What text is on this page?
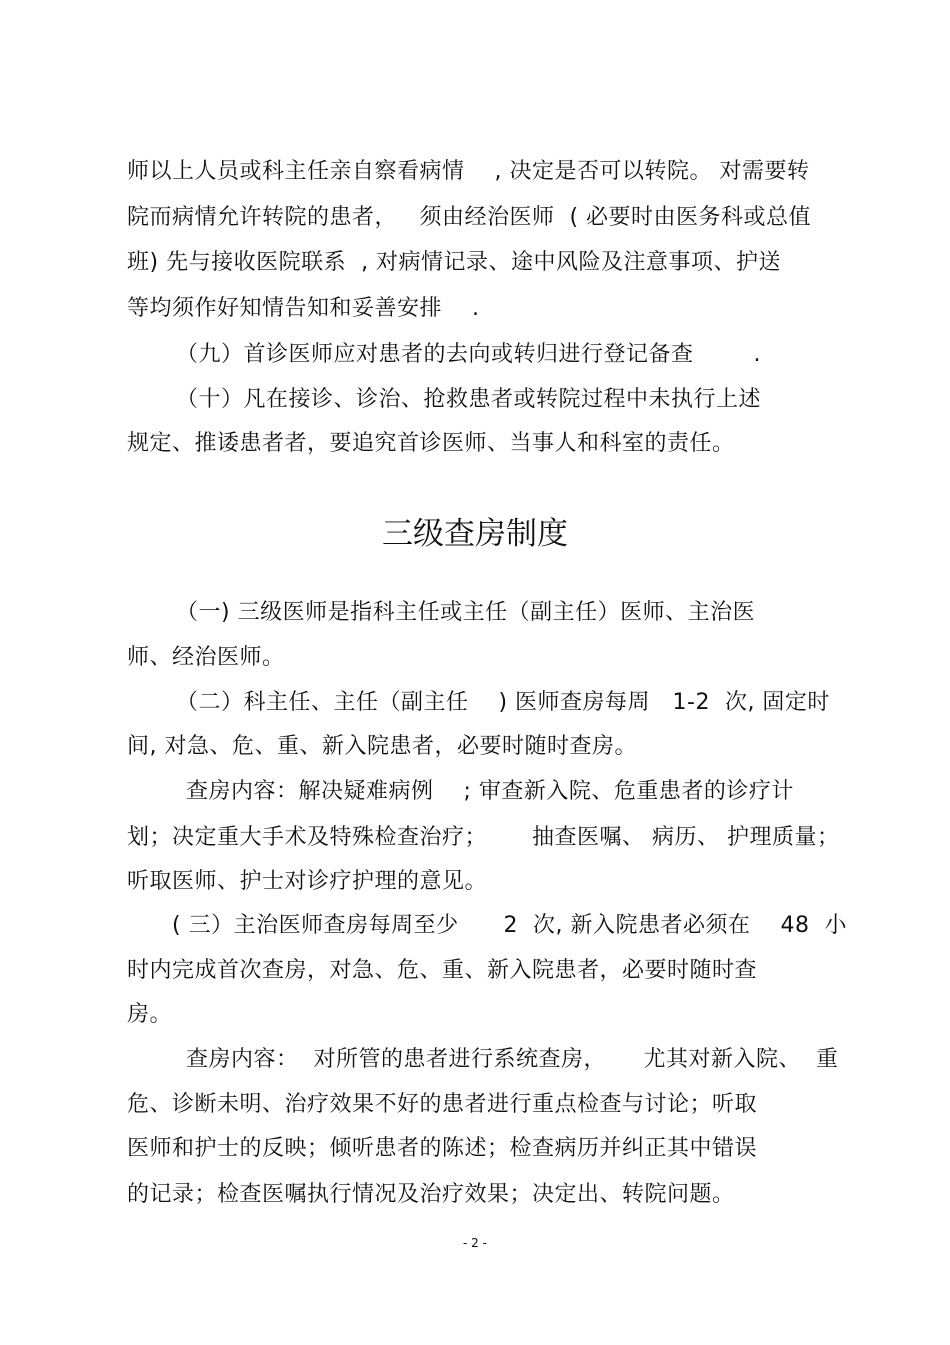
师以上人员或科主任亲自察看病情    , 决定是否可以转院。 对需要转
院而病情允许转院的患者，   须由经治医师  ( 必要时由医务科或总值
班) 先与接收医院联系  , 对病情记录、途中风险及注意事项、护送
等均须作好知情告知和妥善安排    .
（九）首诊医师应对患者的去向或转归进行登记备查        .
（十）凡在接诊、诊治、抢救患者或转院过程中未执行上述
规定、推诿患者者，要追究首诊医师、当事人和科室的责任。
三级查房制度
（一) 三级医师是指科主任或主任（副主任）医师、主治医
师、经治医师。
（二）科主任、主任（副主任    ) 医师查房每周   1-2  次, 固定时
间, 对急、危、重、新入院患者，必要时随时查房。
查房内容：解决疑难病例    ; 审查新入院、危重患者的诊疗计
划；决定重大手术及特殊检查治疗；      抽查医嘱、 病历、 护理质量；
听取医师、护士对诊疗护理的意见。
( 三）主治医师查房每周至少      2  次, 新入院患者必须在    48  小
时内完成首次查房，对急、危、重、新入院患者，必要时随时查
房。
查房内容：  对所管的患者进行系统查房，     尤其对新入院、  重
危、诊断未明、治疗效果不好的患者进行重点检查与讨论；听取
医师和护士的反映；倾听患者的陈述；检查病历并纠正其中错误
的记录；检查医嘱执行情况及治疗效果；决定出、转院问题。
- 2 -
